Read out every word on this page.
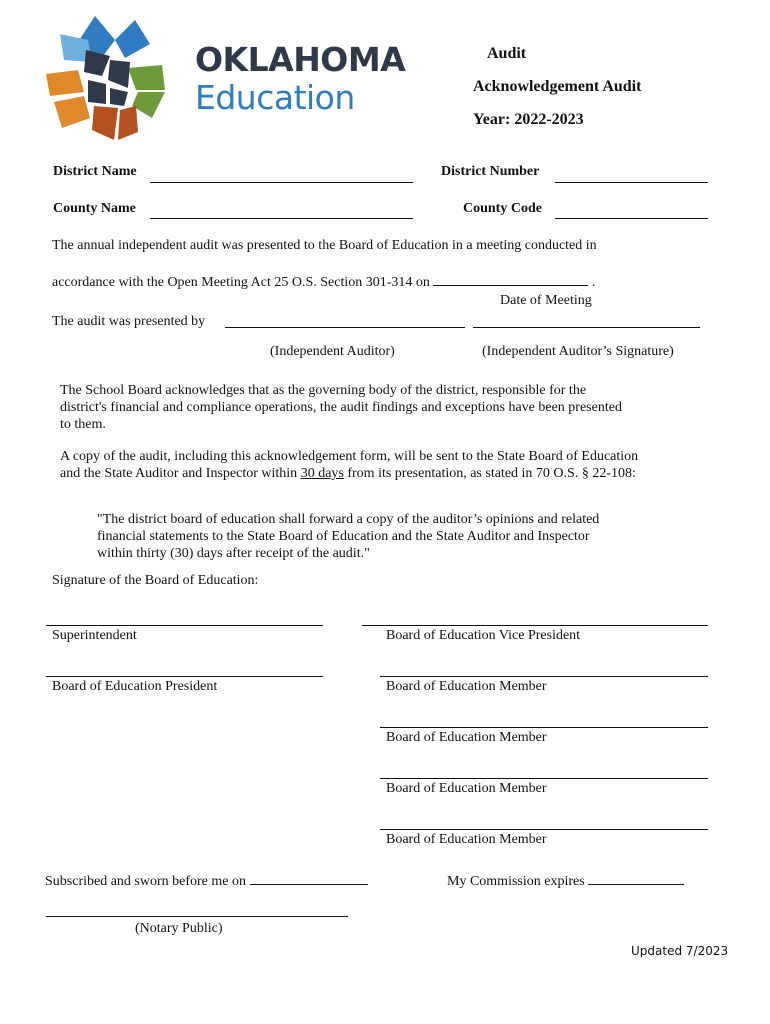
OKLAHOMA
Education
Audit
Acknowledgement Audit
Year: 2022-2023
District Name	District Number
County Name	County Code
The annual independent audit was presented to the Board of Education in a meeting conducted in
accordance with the Open Meeting Act 25 O.S. Section 301-314 on	.
Date of Meeting
The audit was presented by
(Independent Auditor)	(Independent Auditor’s Signature)
The School Board acknowledges that as the governing body of the district, responsible for the district's financial and compliance operations, the audit findings and exceptions have been presented to them.
A copy of the audit, including this acknowledgement form, will be sent to the State Board of Education and the State Auditor and Inspector within 30 days from its presentation, as stated in 70 O.S. § 22-108:
"The district board of education shall forward a copy of the auditor’s opinions and related financial statements to the State Board of Education and the State Auditor and Inspector within thirty (30) days after receipt of the audit."
Signature of the Board of Education:
Superintendent	Board of Education Vice President
Board of Education President	Board of Education Member
Board of Education Member
Board of Education Member
Board of Education Member
Subscribed and sworn before me on	My Commission expires
(Notary Public)
Updated 7/2023
